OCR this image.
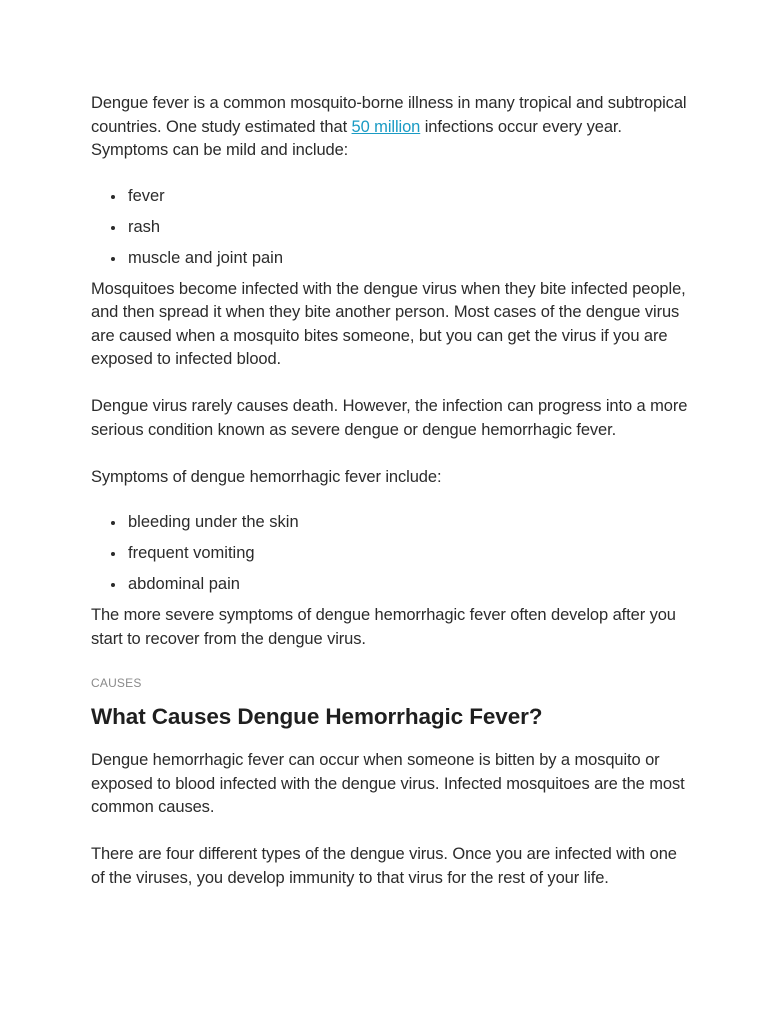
Dengue fever is a common mosquito-borne illness in many tropical and subtropical countries. One study estimated that 50 million infections occur every year. Symptoms can be mild and include:

fever
rash
muscle and joint pain

Mosquitoes become infected with the dengue virus when they bite infected people, and then spread it when they bite another person. Most cases of the dengue virus are caused when a mosquito bites someone, but you can get the virus if you are exposed to infected blood.

Dengue virus rarely causes death. However, the infection can progress into a more serious condition known as severe dengue or dengue hemorrhagic fever.

Symptoms of dengue hemorrhagic fever include:

bleeding under the skin
frequent vomiting
abdominal pain

The more severe symptoms of dengue hemorrhagic fever often develop after you start to recover from the dengue virus.

CAUSES
What Causes Dengue Hemorrhagic Fever?

Dengue hemorrhagic fever can occur when someone is bitten by a mosquito or exposed to blood infected with the dengue virus. Infected mosquitoes are the most common causes.

There are four different types of the dengue virus. Once you are infected with one of the viruses, you develop immunity to that virus for the rest of your life.
